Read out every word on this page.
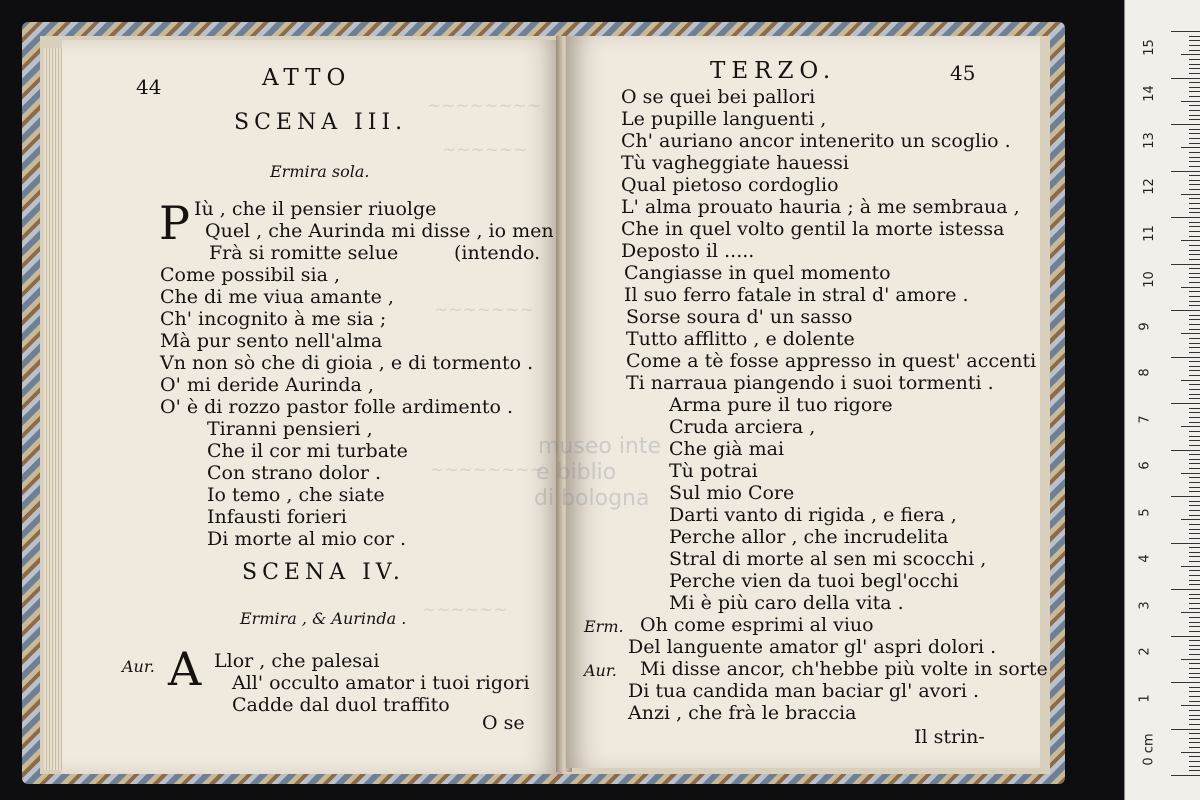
~~~~~~~~
~~~~~~
~~~~~~~
~~~~~~~~
~~~~~~
44	ATTO
SCENA III.
Ermira sola.
P Iù , che il pensier riuolge
Quel , che Aurinda mi disse , io men
Frà si romitte selue	(intendo.
Come possibil sia ,
Che di me viua amante ,
Ch' incognito à me sia ;
Mà pur sento nell'alma
Vn non sò che di gioia , e di tormento .
O' mi deride Aurinda ,
O' è di rozzo pastor folle ardimento .
Tiranni pensieri ,
Che il cor mi turbate
Con strano dolor .
Io temo , che siate
Infausti forieri
Di morte al mio cor .
SCENA IV.
Ermira , & Aurinda .
Aur. A Llor , che palesai
All' occulto amator i tuoi rigori
Cadde dal duol traffito
O se
museo inte
e biblio
di bologna
TERZO.	45
O se quei bei pallori
Le pupille languenti ,
Ch' auriano ancor intenerito un scoglio .
Tù vagheggiate hauessi
Qual pietoso cordoglio
L' alma prouato hauria ; à me sembraua ,
Che in quel volto gentil la morte istessa
Deposto il .....
Cangiasse in quel momento
Il suo ferro fatale in stral d' amore .
Sorse soura d' un sasso
Tutto afflitto , e dolente
Come a tè fosse appresso in quest' accenti
Ti narraua piangendo i suoi tormenti .
Arma pure il tuo rigore
Cruda arciera ,
Che già mai
Tù potrai
Sul mio Core
Darti vanto di rigida , e fiera ,
Perche allor , che incrudelita
Stral di morte al sen mi scocchi ,
Perche vien da tuoi begl'occhi
Mi è più caro della vita .
Erm. Oh come esprimi al viuo
Del languente amator gl' aspri dolori .
Aur. Mi disse ancor, ch'hebbe più volte in sorte
Di tua candida man baciar gl' avori .
Anzi , che frà le braccia
Il strin-
15
14
13
12
11
10
9
8
7
6
5
4
3
2
1
0 cm
